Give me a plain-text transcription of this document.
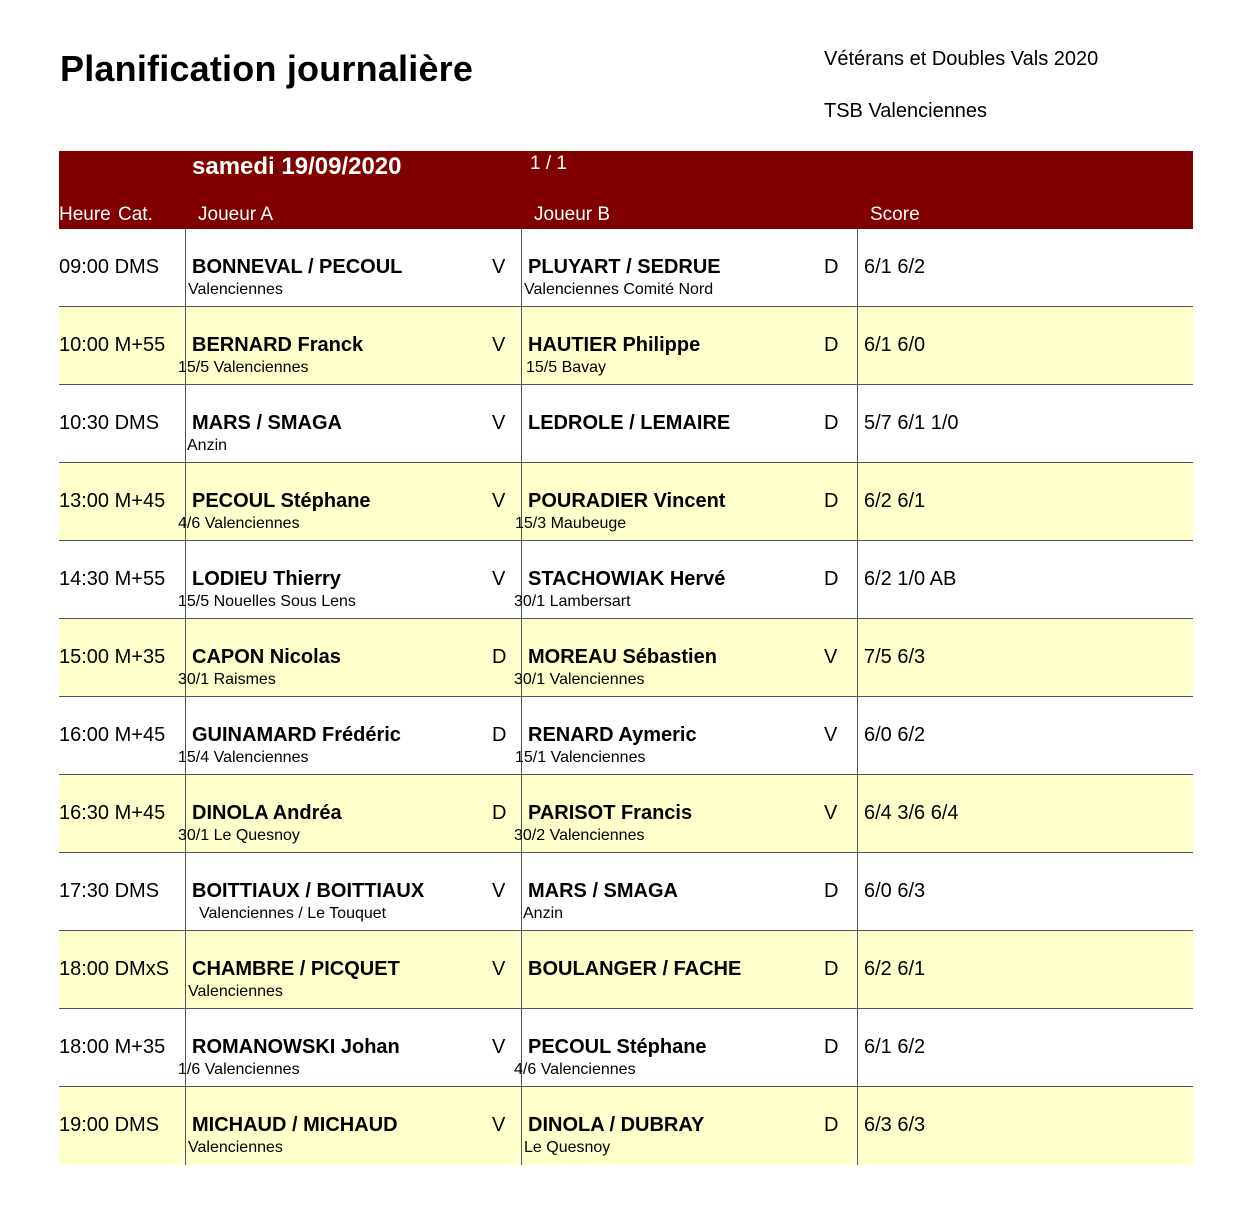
Planification journalière	Vétérans et Doubles Vals 2020
TSB Valenciennes
samedi 19/09/2020	1 / 1
Heure Cat. Joueur A	Joueur B	Score
09:00 DMS BONNEVAL / PECOUL	V
Valenciennes
PLUYART / SEDRUE	D
Valenciennes Comité Nord
6/1 6/2
10:00 M+55 BERNARD Franck	V
15/5 Valenciennes
HAUTIER Philippe	D
15/5 Bavay
6/1 6/0
10:30 DMS MARS / SMAGA	V
Anzin
LEDROLE / LEMAIRE	D 5/7 6/1 1/0
13:00 M+45 PECOUL Stéphane	V
4/6 Valenciennes
POURADIER Vincent	D
15/3 Maubeuge
6/2 6/1
14:30 M+55 LODIEU Thierry	V
15/5 Nouelles Sous Lens
STACHOWIAK Hervé	D
30/1 Lambersart
6/2 1/0 AB
15:00 M+35 CAPON Nicolas	D
30/1 Raismes
MOREAU Sébastien	V
30/1 Valenciennes
7/5 6/3
16:00 M+45 GUINAMARD Frédéric	D
15/4 Valenciennes
RENARD Aymeric	V
15/1 Valenciennes
6/0 6/2
16:30 M+45 DINOLA Andréa	D
30/1 Le Quesnoy
PARISOT Francis	V
30/2 Valenciennes
6/4 3/6 6/4
17:30 DMS BOITTIAUX / BOITTIAUX	V
Valenciennes / Le Touquet
MARS / SMAGA	D
Anzin
6/0 6/3
18:00 DMxS CHAMBRE / PICQUET	V
Valenciennes
BOULANGER / FACHE	D 6/2 6/1
18:00 M+35 ROMANOWSKI Johan	V
1/6 Valenciennes
PECOUL Stéphane	D
4/6 Valenciennes
6/1 6/2
19:00 DMS MICHAUD / MICHAUD	V
Valenciennes
DINOLA / DUBRAY	D
Le Quesnoy
6/3 6/3
